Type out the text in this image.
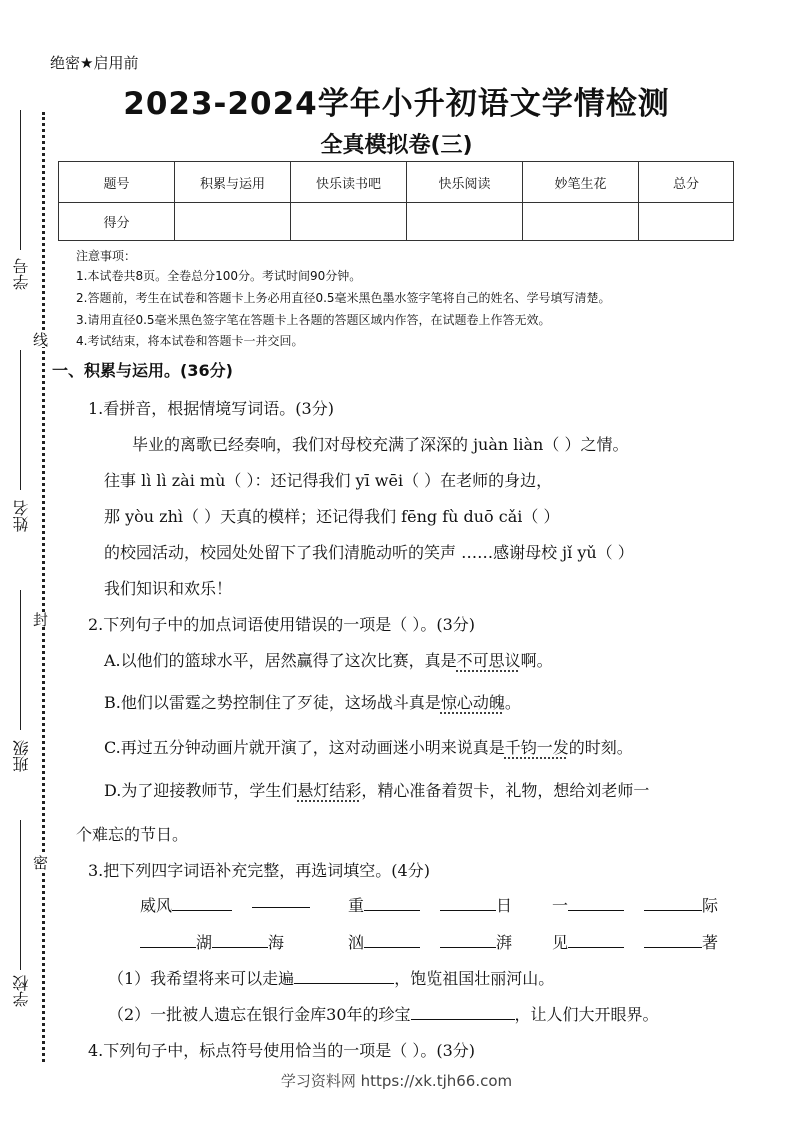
绝密★启用前
2023-2024学年小升初语文学情检测
全真模拟卷(三)
题号	积累与运用	快乐读书吧	快乐阅读	妙笔生花	总分
得分					
注意事项：
1.本试卷共8页。全卷总分100分。考试时间90分钟。
2.答题前，考生在试卷和答题卡上务必用直径0.5毫米黑色墨水签字笔将自己的姓名、学号填写清楚。
3.请用直径0.5毫米黑色签字笔在答题卡上各题的答题区域内作答，在试题卷上作答无效。
4.考试结束，将本试卷和答题卡一并交回。
学号
姓名
班级
学校
线
封
密
一、积累与运用。(36分)
1.看拼音，根据情境写词语。(3分)
毕业的离歌已经奏响，我们对母校充满了深深的 juàn liàn（ ）之情。
往事 lì lì zài mù（ ）：还记得我们 yī wēi（ ）在老师的身边，
那 yòu zhì（ ）天真的模样；还记得我们 fēng fù duō cǎi（ ）
的校园活动，校园处处留下了我们清脆动听的笑声 ……感谢母校 jǐ yǔ（ ）
我们知识和欢乐！
2.下列句子中的加点词语使用错误的一项是（ ）。(3分)
A.以他们的篮球水平，居然赢得了这次比赛，真是不可思议啊。
B.他们以雷霆之势控制住了歹徒，这场战斗真是惊心动魄。
C.再过五分钟动画片就开演了，这对动画迷小明来说真是千钧一发的时刻。
D.为了迎接教师节，学生们悬灯结彩，精心准备着贺卡，礼物，想给刘老师一
个难忘的节日。
3.把下列四字词语补充完整，再选词填空。(4分)
威风	重	日 一	际
湖	海	汹	湃 见	著
（1）我希望将来可以走遍	，饱览祖国壮丽河山。
（2）一批被人遗忘在银行金库30年的珍宝	，让人们大开眼界。
4.下列句子中，标点符号使用恰当的一项是（ ）。(3分)
学习资料网 https://xk.tjh66.com
